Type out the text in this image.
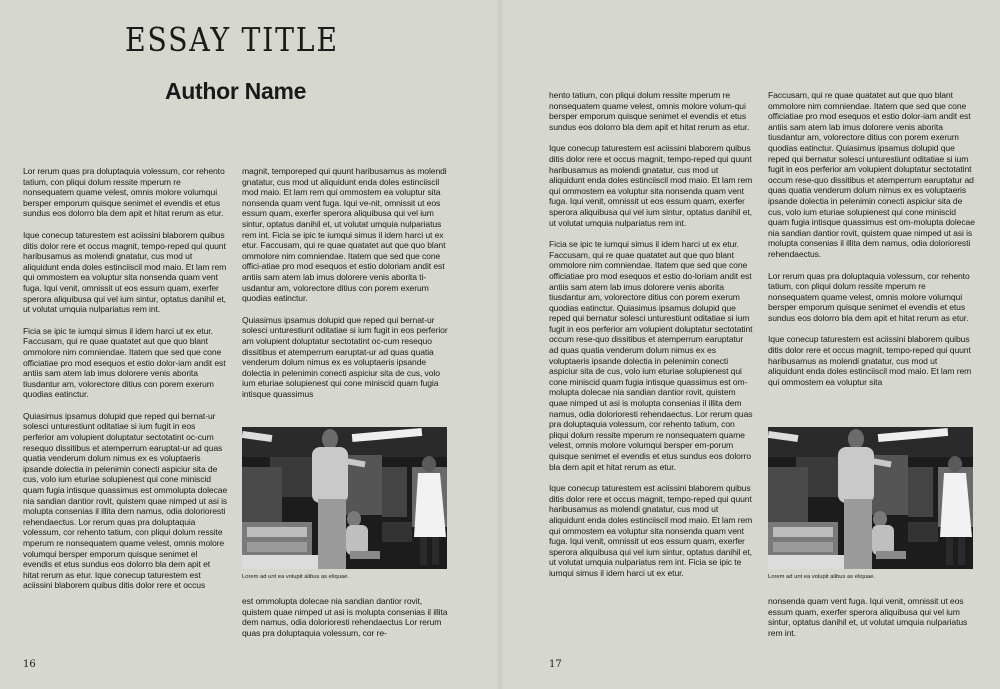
ESSAY TITLE
Author Name

Lor rerum quas pra doluptaquia volessum, cor rehento tatium, con pliqui dolum ressite mperum re nonsequatem quame velest, omnis molore volumqui bersper emporum quisque senimet el evendis et etus sundus eos dolorro bla dem apit et hitat rerum as etur.

Ique conecup taturestem est aciissini blaborem quibus ditis dolor rere et occus magnit, tempo-reped qui quunt haribusamus as molendi gnatatur, cus mod ut aliquidunt enda doles estinciiscil mod maio. Et lam rem qui ommostem ea voluptur sita nonsenda quam vent fuga. Iqui venit, omnissit ut eos essum quam, exerfer sperora aliquibusa qui vel ium sintur, optatus danihil et, ut volutat umquia nulpariatus rem int.

Ficia se ipic te iumqui simus il idem harci ut ex etur. Faccusam, qui re quae quatatet aut que quo blant ommolore nim comniendae. Itatem que sed que cone officiatiae pro mod esequos et estio dolor-iam andit est antiis sam atem lab imus dolorere venis aborita tiusdantur am, volorectore ditius con porem exerum quodias eatinctur.

Quiasimus ipsamus dolupid que reped qui bernat-ur solesci unturestiunt oditatiae si ium fugit in eos perferior am volupient doluptatur sectotatint oc-cum resequo dissitibus et atemperrum earuptat-ur ad quas quatia venderum dolum nimus ex es voluptaeris ipsande dolectia in pelenimin conecti aspiciur sita de cus, volo ium eturiae solupienest qui cone miniscid quam fugia intisque quassimus est ommolupta dolecae nia sandian dantior rovit, quistem quae nimped ut asi is molupta consenias il illita dem namus, odia dolorioresti rehendaectus. Lor rerum quas pra doluptaquia volessum, cor rehento tatium, con pliqui dolum ressite mperum re nonsequatem quame velest, omnis molore volumqui bersper emporum quisque senimet el evendis et etus sundus eos dolorro bla dem apit et hitat rerum as etur. Ique conecup taturestem est aciissini blaborem quibus ditis dolor rere et occus

magnit, temporeped qui quunt haribusamus as molendi gnatatur, cus mod ut aliquidunt enda doles estinciiscil mod maio. Et lam rem qui ommostem ea voluptur sita nonsenda quam vent fuga. Iqui ve-nit, omnissit ut eos essum quam, exerfer sperora aliquibusa qui vel ium sintur, optatus danihil et, ut volutat umquia nulpariatus rem int. Ficia se ipic te iumqui simus il idem harci ut ex etur. Faccusam, qui re quae quatatet aut que quo blant ommolore nim comniendae. Itatem que sed que cone offici-atiae pro mod esequos et estio doloriam andit est antiis sam atem lab imus dolorere venis aborita ti-usdantur am, volorectore ditius con porem exerum quodias eatinctur.

Quiasimus ipsamus dolupid que reped qui bernat-ur solesci unturestiunt oditatiae si ium fugit in eos perferior am volupient doluptatur sectotatint oc-cum resequo dissitibus et atemperrum earuptat-ur ad quas quatia venderum dolum nimus ex es voluptaeris ipsande dolectia in pelenimin conecti aspiciur sita de cus, volo ium eturiae solupienest qui cone miniscid quam fugia intisque quassimus

Lorem ad unt ea volupit alibus as eliquae.

est ommolupta dolecae nia sandian dantior rovit, quistem quae nimped ut asi is molupta consenias il illita dem namus, odia dolorioresti rehendaectus Lor rerum quas pra doluptaquia volessum, cor re-

16

hento tatium, con pliqui dolum ressite mperum re nonsequatem quame velest, omnis molore volum-qui bersper emporum quisque senimet el evendis et etus sundus eos dolorro bla dem apit et hitat rerum as etur.

Ique conecup taturestem est aciissini blaborem quibus ditis dolor rere et occus magnit, tempo-reped qui quunt haribusamus as molendi gnatatur, cus mod ut aliquidunt enda doles estinciiscil mod maio. Et lam rem qui ommostem ea voluptur sita nonsenda quam vent fuga. Iqui venit, omnissit ut eos essum quam, exerfer sperora aliquibusa qui vel ium sintur, optatus danihil et, ut volutat umquia nulpariatus rem int.

Ficia se ipic te iumqui simus il idem harci ut ex etur. Faccusam, qui re quae quatatet aut que quo blant ommolore nim comniendae. Itatem que sed que cone officiatiae pro mod esequos et estio do-loriam andit est antiis sam atem lab imus dolorere venis aborita tiusdantur am, volorectore ditius con porem exerum quodias eatinctur. Quiasimus ipsamus dolupid que reped qui bernatur solesci unturestiunt oditatiae si ium fugit in eos perferior am volupient doluptatur sectotatint occum rese-quo dissitibus et atemperrum earuptatur ad quas quatia venderum dolum nimus ex es voluptaeris ipsande dolectia in pelenimin conecti aspiciur sita de cus, volo ium eturiae solupienest qui cone miniscid quam fugia intisque quassimus est om-molupta dolecae nia sandian dantior rovit, quistem quae nimped ut asi is molupta consenias il illita dem namus, odia dolorioresti rehendaectus. Lor rerum quas pra doluptaquia volessum, cor rehento tatium, con pliqui dolum ressite mperum re nonsequatem quame velest, omnis molore volumqui bersper em-porum quisque senimet el evendis et etus sundus eos dolorro bla dem apit et hitat rerum as etur.

Ique conecup taturestem est aciissini blaborem quibus ditis dolor rere et occus magnit, tempo-reped qui quunt haribusamus as molendi gnatatur, cus mod ut aliquidunt enda doles estinciiscil mod maio. Et lam rem qui ommostem ea voluptur sita nonsenda quam vent fuga. Iqui venit, omnissit ut eos essum quam, exerfer sperora aliquibusa qui vel ium sintur, optatus danihil et, ut volutat umquia nulpariatus rem int. Ficia se ipic te iumqui simus il idem harci ut ex etur.

Faccusam, qui re quae quatatet aut que quo blant ommolore nim comniendae. Itatem que sed que cone officiatiae pro mod esequos et estio dolor-iam andit est antiis sam atem lab imus dolorere venis aborita tiusdantur am, volorectore ditius con porem exerum quodias eatinctur. Quiasimus ipsamus dolupid que reped qui bernatur solesci unturestiunt oditatiae si ium fugit in eos perferior am volupient doluptatur sectotatint occum rese-quo dissitibus et atemperrum earuptatur ad quas quatia venderum dolum nimus ex es voluptaeris ipsande dolectia in pelenimin conecti aspiciur sita de cus, volo ium eturiae solupienest qui cone miniscid quam fugia intisque quassimus est om-molupta dolecae nia sandian dantior rovit, quistem quae nimped ut asi is molupta consenias il illita dem namus, odia dolorioresti rehendaectus.

Lor rerum quas pra doluptaquia volessum, cor rehento tatium, con pliqui dolum ressite mperum re nonsequatem quame velest, omnis molore volumqui bersper emporum quisque senimet el evendis et etus sundus eos dolorro bla dem apit et hitat rerum as etur.

Ique conecup taturestem est aciissini blaborem quibus ditis dolor rere et occus magnit, tempo-reped qui quunt haribusamus as molendi gnatatur, cus mod ut aliquidunt enda doles estinciiscil mod maio. Et lam rem qui ommostem ea voluptur sita

Lorem ad unt ea volupit alibus as eliquae.

nonsenda quam vent fuga. Iqui venit, omnissit ut eos essum quam, exerfer sperora aliquibusa qui vel ium sintur, optatus danihil et, ut volutat umquia nulpariatus rem int.

17
